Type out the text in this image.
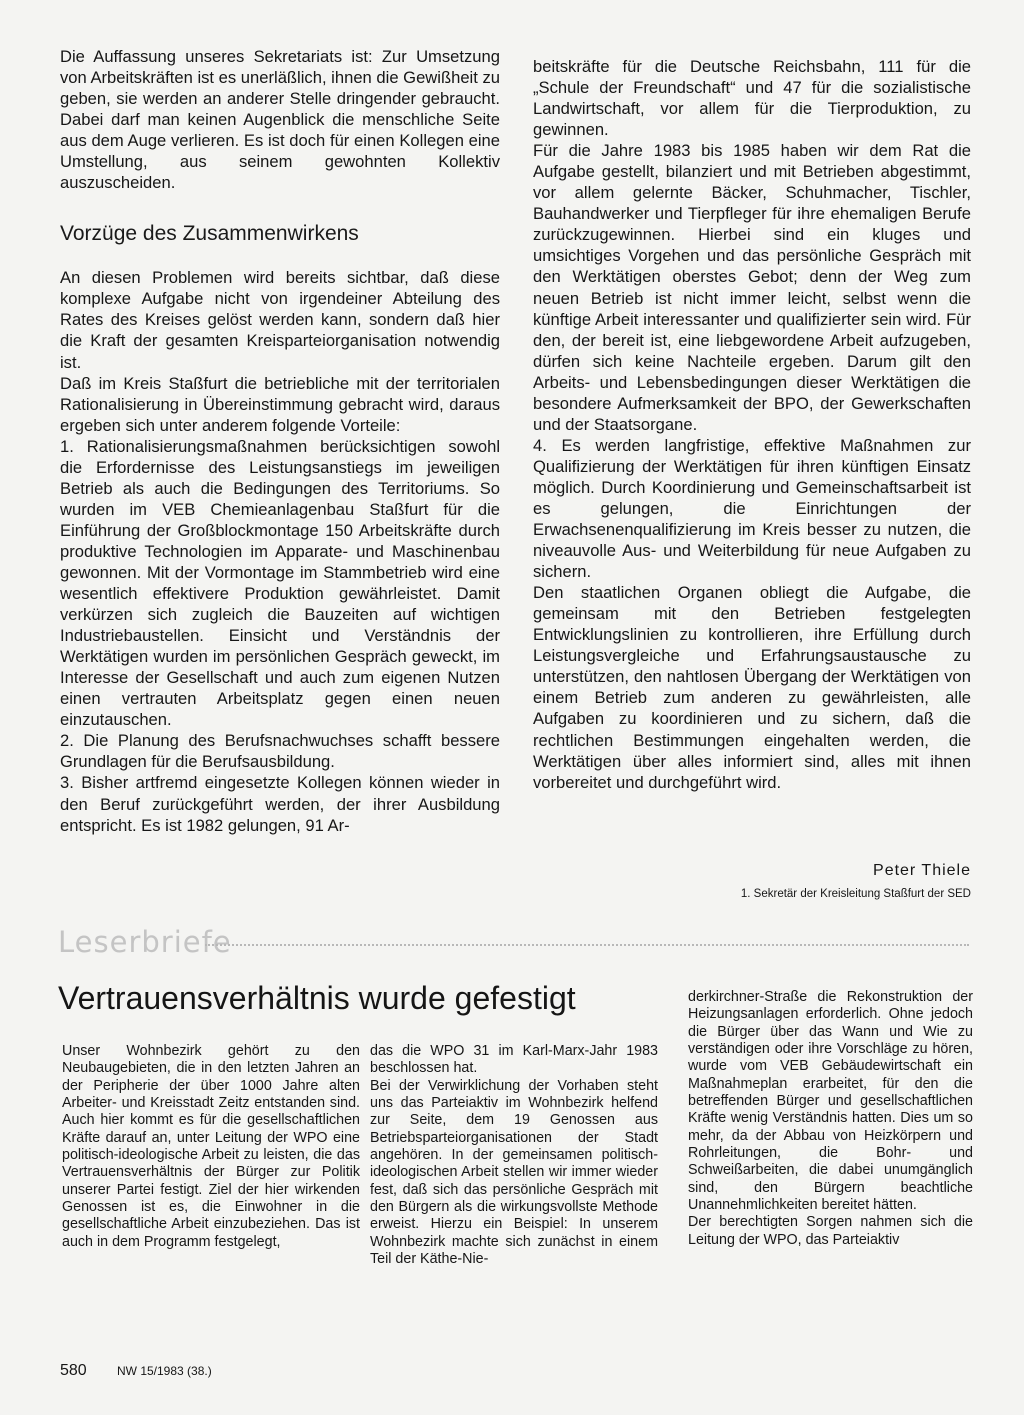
Die Auffassung unseres Sekretariats ist: Zur Umsetzung von Arbeitskräften ist es unerläßlich, ihnen die Gewißheit zu geben, sie werden an anderer Stelle dringender gebraucht. Dabei darf man keinen Augenblick die menschliche Seite aus dem Auge verlieren. Es ist doch für einen Kollegen eine Umstellung, aus seinem gewohnten Kollektiv auszuscheiden.

Vorzüge des Zusammenwirkens

An diesen Problemen wird bereits sichtbar, daß diese komplexe Aufgabe nicht von irgendeiner Abteilung des Rates des Kreises gelöst werden kann, sondern daß hier die Kraft der gesamten Kreisparteiorganisation notwendig ist.

Daß im Kreis Staßfurt die betriebliche mit der territorialen Rationalisierung in Übereinstimmung gebracht wird, daraus ergeben sich unter anderem folgende Vorteile:

1. Rationalisierungsmaßnahmen berücksichtigen sowohl die Erfordernisse des Leistungsanstiegs im jeweiligen Betrieb als auch die Bedingungen des Territoriums. So wurden im VEB Chemieanlagenbau Staßfurt für die Einführung der Großblockmontage 150 Arbeitskräfte durch produktive Technologien im Apparate- und Maschinenbau gewonnen. Mit der Vormontage im Stammbetrieb wird eine wesentlich effektivere Produktion gewährleistet. Damit verkürzen sich zugleich die Bauzeiten auf wichtigen Industriebaustellen. Einsicht und Verständnis der Werktätigen wurden im persönlichen Gespräch geweckt, im Interesse der Gesellschaft und auch zum eigenen Nutzen einen vertrauten Arbeitsplatz gegen einen neuen einzutauschen.

2. Die Planung des Berufsnachwuchses schafft bessere Grundlagen für die Berufsausbildung.

3. Bisher artfremd eingesetzte Kollegen können wieder in den Beruf zurückgeführt werden, der ihrer Ausbildung entspricht. Es ist 1982 gelungen, 91 Ar-

beitskräfte für die Deutsche Reichsbahn, 111 für die „Schule der Freundschaft“ und 47 für die sozialistische Landwirtschaft, vor allem für die Tierproduktion, zu gewinnen.

Für die Jahre 1983 bis 1985 haben wir dem Rat die Aufgabe gestellt, bilanziert und mit Betrieben abgestimmt, vor allem gelernte Bäcker, Schuhmacher, Tischler, Bauhandwerker und Tierpfleger für ihre ehemaligen Berufe zurückzugewinnen. Hierbei sind ein kluges und umsichtiges Vorgehen und das persönliche Gespräch mit den Werktätigen oberstes Gebot; denn der Weg zum neuen Betrieb ist nicht immer leicht, selbst wenn die künftige Arbeit interessanter und qualifizierter sein wird. Für den, der bereit ist, eine liebgewordene Arbeit aufzugeben, dürfen sich keine Nachteile ergeben. Darum gilt den Arbeits- und Lebensbedingungen dieser Werktätigen die besondere Aufmerksamkeit der BPO, der Gewerkschaften und der Staatsorgane.

4. Es werden langfristige, effektive Maßnahmen zur Qualifizierung der Werktätigen für ihren künftigen Einsatz möglich. Durch Koordinierung und Gemeinschaftsarbeit ist es gelungen, die Einrichtungen der Erwachsenenqualifizierung im Kreis besser zu nutzen, die niveauvolle Aus- und Weiterbildung für neue Aufgaben zu sichern.

Den staatlichen Organen obliegt die Aufgabe, die gemeinsam mit den Betrieben festgelegten Entwicklungslinien zu kontrollieren, ihre Erfüllung durch Leistungsvergleiche und Erfahrungsaustausche zu unterstützen, den nahtlosen Übergang der Werktätigen von einem Betrieb zum anderen zu gewährleisten, alle Aufgaben zu koordinieren und zu sichern, daß die rechtlichen Bestimmungen eingehalten werden, die Werktätigen über alles informiert sind, alles mit ihnen vorbereitet und durchgeführt wird.

Peter Thiele
1. Sekretär der Kreisleitung Staßfurt der SED
Leserbriefe
Vertrauensverhältnis wurde gefestigt

Unser Wohnbezirk gehört zu den Neubaugebieten, die in den letzten Jahren an der Peripherie der über 1000 Jahre alten Arbeiter- und Kreisstadt Zeitz entstanden sind. Auch hier kommt es für die gesellschaftlichen Kräfte darauf an, unter Leitung der WPO eine politisch-ideologische Arbeit zu leisten, die das Vertrauensverhältnis der Bürger zur Politik unserer Partei festigt. Ziel der hier wirkenden Genossen ist es, die Einwohner in die gesellschaftliche Arbeit einzubeziehen. Das ist auch in dem Programm festgelegt,

das die WPO 31 im Karl-Marx-Jahr 1983 beschlossen hat.

Bei der Verwirklichung der Vorhaben steht uns das Parteiaktiv im Wohnbezirk helfend zur Seite, dem 19 Genossen aus Betriebsparteiorganisationen der Stadt angehören. In der gemeinsamen politisch-ideologischen Arbeit stellen wir immer wieder fest, daß sich das persönliche Gespräch mit den Bürgern als die wirkungsvollste Methode erweist. Hierzu ein Beispiel: In unserem Wohnbezirk machte sich zunächst in einem Teil der Käthe-Nie-

derkirchner-Straße die Rekonstruktion der Heizungsanlagen erforderlich. Ohne jedoch die Bürger über das Wann und Wie zu verständigen oder ihre Vorschläge zu hören, wurde vom VEB Gebäudewirtschaft ein Maßnahmeplan erarbeitet, für den die betreffenden Bürger und gesellschaftlichen Kräfte wenig Verständnis hatten. Dies um so mehr, da der Abbau von Heizkörpern und Rohrleitungen, die Bohr- und Schweißarbeiten, die dabei unumgänglich sind, den Bürgern beachtliche Unannehmlichkeiten bereitet hätten.

Der berechtigten Sorgen nahmen sich die Leitung der WPO, das Parteiaktiv

580	NW 15/1983 (38.)
